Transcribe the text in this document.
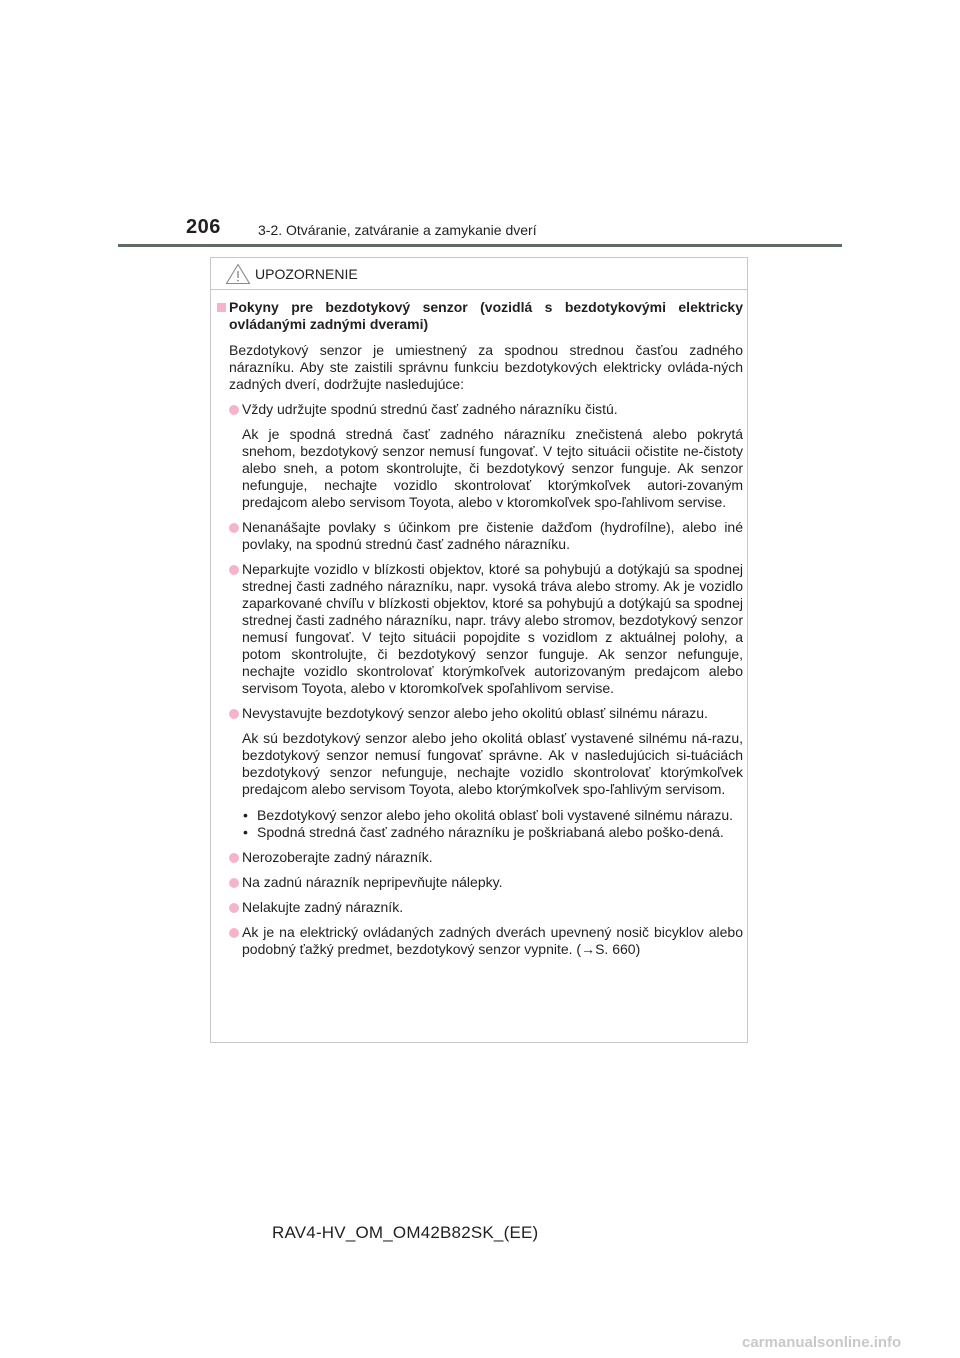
206	3-2. Otváranie, zatváranie a zamykanie dverí
UPOZORNENIE
Pokyny pre bezdotykový senzor (vozidlá s bezdotykovými elektricky ovládanými zadnými dverami)

Bezdotykový senzor je umiestnený za spodnou strednou časťou zadného nárazníku. Aby ste zaistili správnu funkciu bezdotykových elektricky ovláda-ných zadných dverí, dodržujte nasledujúce:

Vždy udržujte spodnú strednú časť zadného nárazníku čistú.

Ak je spodná stredná časť zadného nárazníku znečistená alebo pokrytá snehom, bezdotykový senzor nemusí fungovať. V tejto situácii očistite ne-čistoty alebo sneh, a potom skontrolujte, či bezdotykový senzor funguje. Ak senzor nefunguje, nechajte vozidlo skontrolovať ktorýmkoľvek autori-zovaným predajcom alebo servisom Toyota, alebo v ktoromkoľvek spo-ľahlivom servise.

Nenanášajte povlaky s účinkom pre čistenie dažďom (hydrofílne), alebo iné povlaky, na spodnú strednú časť zadného nárazníku.

Neparkujte vozidlo v blízkosti objektov, ktoré sa pohybujú a dotýkajú sa spodnej strednej časti zadného nárazníku, napr. vysoká tráva alebo stromy. Ak je vozidlo zaparkované chvíľu v blízkosti objektov, ktoré sa pohybujú a dotýkajú sa spodnej strednej časti zadného nárazníku, napr. trávy alebo stromov, bezdotykový senzor nemusí fungovať. V tejto situácii popojdite s vozidlom z aktuálnej polohy, a potom skontrolujte, či bezdotykový senzor funguje. Ak senzor nefunguje, nechajte vozidlo skontrolovať ktorýmkoľvek autorizovaným predajcom alebo servisom Toyota, alebo v ktoromkoľvek spoľahlivom servise.

Nevystavujte bezdotykový senzor alebo jeho okolitú oblasť silnému nárazu.

Ak sú bezdotykový senzor alebo jeho okolitá oblasť vystavené silnému ná-razu, bezdotykový senzor nemusí fungovať správne. Ak v nasledujúcich si-tuáciách bezdotykový senzor nefunguje, nechajte vozidlo skontrolovať ktorýmkoľvek predajcom alebo servisom Toyota, alebo ktorýmkoľvek spo-ľahlivým servisom.

• Bezdotykový senzor alebo jeho okolitá oblasť boli vystavené silnému nárazu.
• Spodná stredná časť zadného nárazníku je poškriabaná alebo poško-dená.

Nerozoberajte zadný nárazník.

Na zadnú nárazník nepripevňujte nálepky.

Nelakujte zadný nárazník.

Ak je na elektrický ovládaných zadných dverách upevnený nosič bicyklov alebo podobný ťažký predmet, bezdotykový senzor vypnite. (→S. 660)

RAV4-HV_OM_OM42B82SK_(EE)
carmanualsonline.info
